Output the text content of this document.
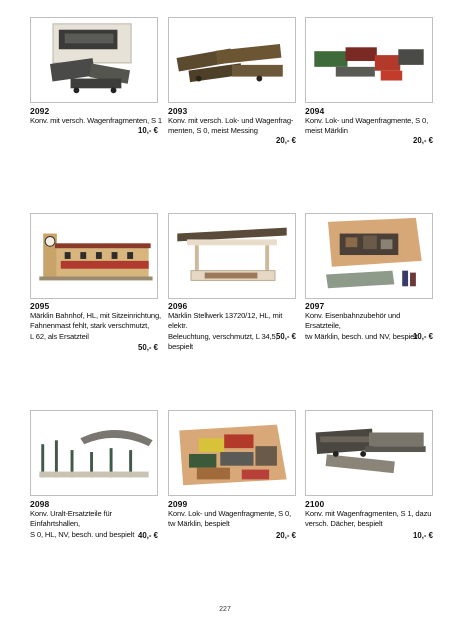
2092
Konv. mit versch. Wagenfragmenten, S 1
10,- €
2093
Konv. mit versch. Lok- und Wagenfrag-
menten, S 0, meist Messing
20,- €
2094
Konv. Lok- und Wagenfragmente, S 0,
meist Märklin
20,- €
2095
Märklin Bahnhof, HL, mit Sitzeinrichtung,
Fahnenmast fehlt, stark verschmutzt,
L 62, als Ersatzteil
50,- €
2096
Märklin Stellwerk 13720/12, HL, mit elektr.
Beleuchtung, verschmutzt, L 34,5, bespielt
50,- €
2097
Konv. Eisenbahnzubehör und Ersatzteile,
tw Märklin, besch. und NV, bespielt
10,- €
2098
Konv. Uralt-Ersatzteile für Einfahrtshallen,
S 0, HL, NV, besch. und bespielt 40,- €
2099
Konv. Lok- und Wagenfragmente, S 0,
tw Märklin, bespielt
20,- €
2100
Konv. mit Wagenfragmenten, S 1, dazu
versch. Dächer, bespielt
10,- €
227
